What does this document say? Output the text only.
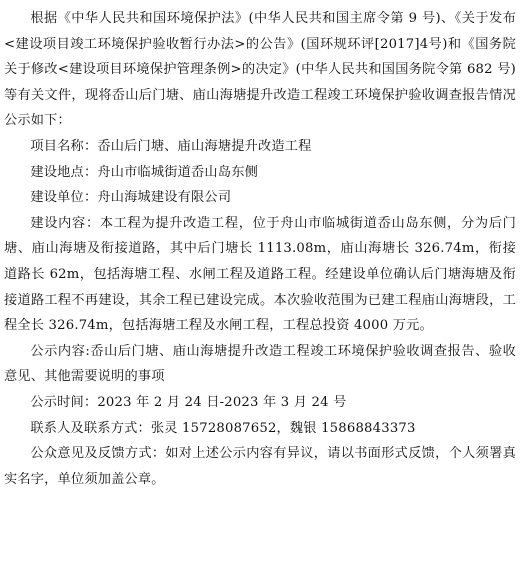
根据《中华人民共和国环境保护法》(中华人民共和国主席令第 9 号)、《关于发布<建设项目竣工环境保护验收暂行办法>的公告》(国环规环评[2017]4号)和《国务院关于修改<建设项目环境保护管理条例>的决定》(中华人民共和国国务院令第 682 号)等有关文件，现将岙山后门塘、庙山海塘提升改造工程竣工环境保护验收调查报告情况公示如下：

项目名称：岙山后门塘、庙山海塘提升改造工程

建设地点：舟山市临城街道岙山岛东侧

建设单位：舟山海城建设有限公司

建设内容：本工程为提升改造工程，位于舟山市临城街道岙山岛东侧，分为后门塘、庙山海塘及衔接道路，其中后门塘长 1113.08m，庙山海塘长 326.74m，衔接道路长 62m，包括海塘工程、水闸工程及道路工程。经建设单位确认后门塘海塘及衔接道路工程不再建设，其余工程已建设完成。本次验收范围为已建工程庙山海塘段，工程全长 326.74m，包括海塘工程及水闸工程，工程总投资 4000 万元。

公示内容:岙山后门塘、庙山海塘提升改造工程竣工环境保护验收调查报告、验收意见、其他需要说明的事项

公示时间：2023 年 2 月 24 日-2023 年 3 月 24 号

联系人及联系方式：张灵 15728087652，魏银 15868843373

公众意见及反馈方式：如对上述公示内容有异议，请以书面形式反馈，个人须署真实名字，单位须加盖公章。
